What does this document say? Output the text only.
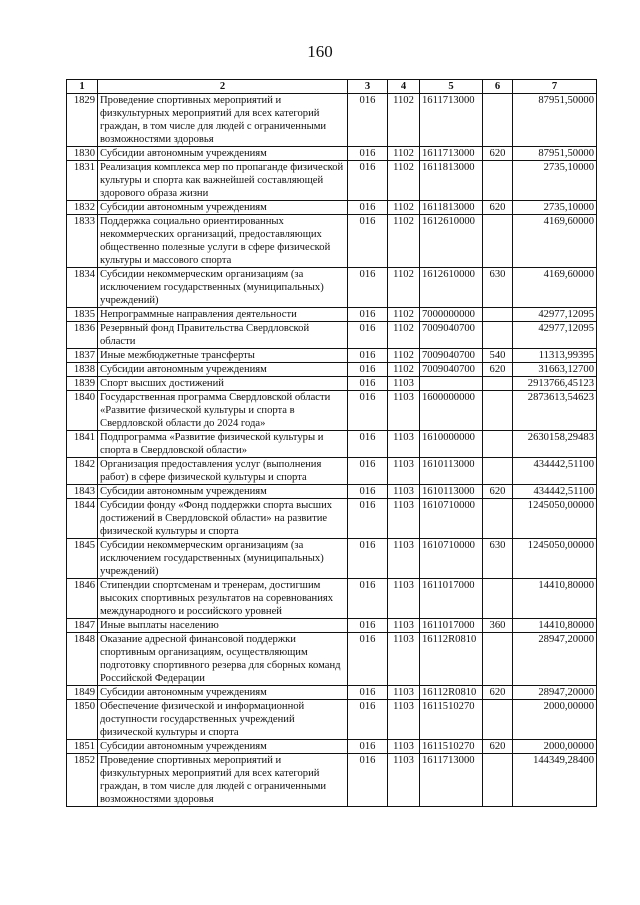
160
1	2	3	4	5	6	7
1829	Проведение спортивных мероприятий и физкультурных мероприятий для всех категорий граждан, в том числе для людей с ограниченными возможностями здоровья	016	1102	1611713000		87951,50000
1830	Субсидии автономным учреждениям	016	1102	1611713000	620	87951,50000
1831	Реализация комплекса мер по пропаганде физической культуры и спорта как важнейшей составляющей здорового образа жизни	016	1102	1611813000		2735,10000
1832	Субсидии автономным учреждениям	016	1102	1611813000	620	2735,10000
1833	Поддержка социально ориентированных некоммерческих организаций, предоставляющих общественно полезные услуги в сфере физической культуры и массового спорта	016	1102	1612610000		4169,60000
1834	Субсидии некоммерческим организациям (за исключением государственных (муниципальных) учреждений)	016	1102	1612610000	630	4169,60000
1835	Непрограммные направления деятельности	016	1102	7000000000		42977,12095
1836	Резервный фонд Правительства Свердловской области	016	1102	7009040700		42977,12095
1837	Иные межбюджетные трансферты	016	1102	7009040700	540	11313,99395
1838	Субсидии автономным учреждениям	016	1102	7009040700	620	31663,12700
1839	Спорт высших достижений	016	1103			2913766,45123
1840	Государственная программа Свердловской области «Развитие физической культуры и спорта в Свердловской области до 2024 года»	016	1103	1600000000		2873613,54623
1841	Подпрограмма «Развитие физической культуры и спорта в Свердловской области»	016	1103	1610000000		2630158,29483
1842	Организация предоставления услуг (выполнения работ) в сфере физической культуры и спорта	016	1103	1610113000		434442,51100
1843	Субсидии автономным учреждениям	016	1103	1610113000	620	434442,51100
1844	Субсидии фонду «Фонд поддержки спорта высших достижений в Свердловской области» на развитие физической культуры и спорта	016	1103	1610710000		1245050,00000
1845	Субсидии некоммерческим организациям (за исключением государственных (муниципальных) учреждений)	016	1103	1610710000	630	1245050,00000
1846	Стипендии спортсменам и тренерам, достигшим высоких спортивных результатов на соревнованиях международного и российского уровней	016	1103	1611017000		14410,80000
1847	Иные выплаты населению	016	1103	1611017000	360	14410,80000
1848	Оказание адресной финансовой поддержки спортивным организациям, осуществляющим подготовку спортивного резерва для сборных команд Российской Федерации	016	1103	16112R0810		28947,20000
1849	Субсидии автономным учреждениям	016	1103	16112R0810	620	28947,20000
1850	Обеспечение физической и информационной доступности государственных учреждений физической культуры и спорта	016	1103	1611510270		2000,00000
1851	Субсидии автономным учреждениям	016	1103	1611510270	620	2000,00000
1852	Проведение спортивных мероприятий и физкультурных мероприятий для всех категорий граждан, в том числе для людей с ограниченными возможностями здоровья	016	1103	1611713000		144349,28400
